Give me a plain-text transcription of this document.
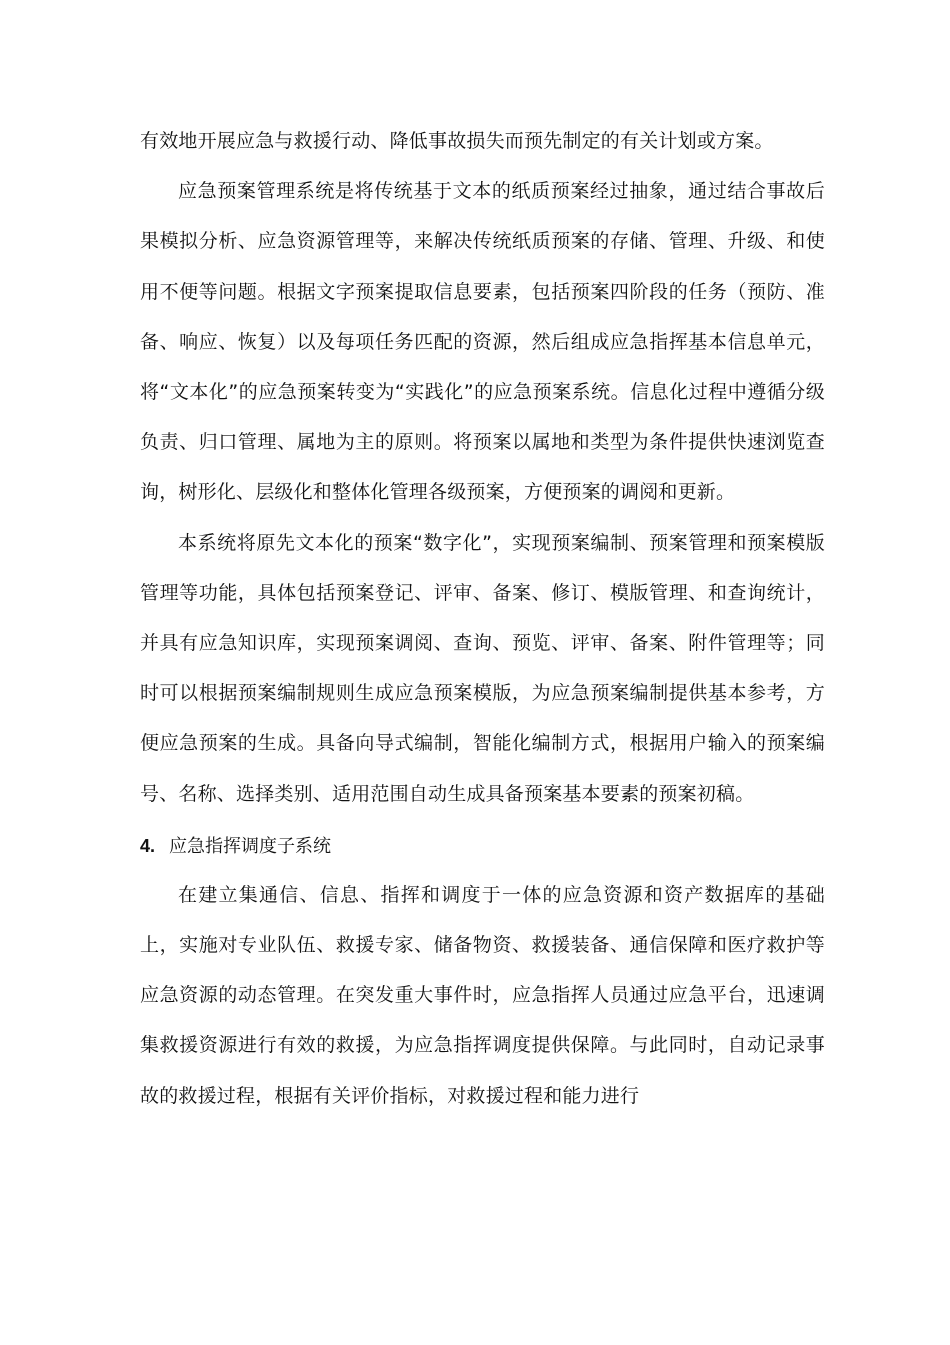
有效地开展应急与救援行动、降低事故损失而预先制定的有关计划或方案。

应急预案管理系统是将传统基于文本的纸质预案经过抽象，通过结合事故后果模拟分析、应急资源管理等，来解决传统纸质预案的存储、管理、升级、和使用不便等问题。根据文字预案提取信息要素，包括预案四阶段的任务（预防、准备、响应、恢复）以及每项任务匹配的资源，然后组成应急指挥基本信息单元，将“文本化”的应急预案转变为“实践化”的应急预案系统。信息化过程中遵循分级负责、归口管理、属地为主的原则。将预案以属地和类型为条件提供快速浏览查询，树形化、层级化和整体化管理各级预案，方便预案的调阅和更新。

本系统将原先文本化的预案“数字化”，实现预案编制、预案管理和预案模版管理等功能，具体包括预案登记、评审、备案、修订、模版管理、和查询统计，并具有应急知识库，实现预案调阅、查询、预览、评审、备案、附件管理等；同时可以根据预案编制规则生成应急预案模版，为应急预案编制提供基本参考，方便应急预案的生成。具备向导式编制，智能化编制方式，根据用户输入的预案编号、名称、选择类别、适用范围自动生成具备预案基本要素的预案初稿。

4. 应急指挥调度子系统

在建立集通信、信息、指挥和调度于一体的应急资源和资产数据库的基础上，实施对专业队伍、救援专家、储备物资、救援装备、通信保障和医疗救护等应急资源的动态管理。在突发重大事件时，应急指挥人员通过应急平台，迅速调集救援资源进行有效的救援，为应急指挥调度提供保障。与此同时，自动记录事故的救援过程，根据有关评价指标，对救援过程和能力进行
